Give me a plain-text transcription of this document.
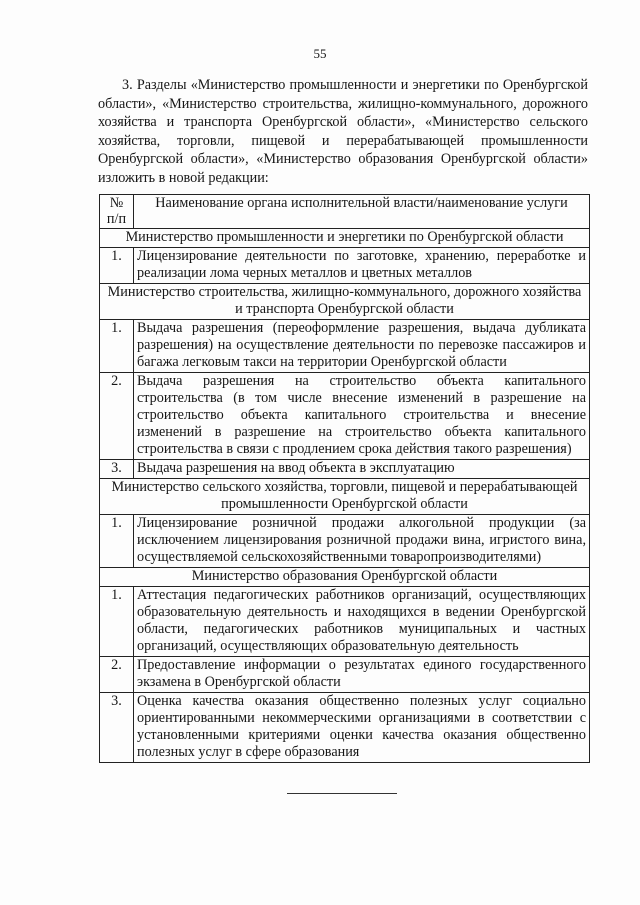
55

3. Разделы «Министерство промышленности и энергетики по Оренбургской области», «Министерство строительства, жилищно-коммунального, дорожного хозяйства и транспорта Оренбургской области», «Министерство сельского хозяйства, торговли, пищевой и перерабатывающей промышленности Оренбургской области», «Министерство образования Оренбургской области» изложить в новой редакции:

№ п/п	Наименование органа исполнительной власти/наименование услуги
Министерство промышленности и энергетики по Оренбургской области	
1.	Лицензирование деятельности по заготовке, хранению, переработке и реализации лома черных металлов и цветных металлов
Министерство строительства, жилищно-коммунального, дорожного хозяйства и транспорта Оренбургской области	
1.	Выдача разрешения (переоформление разрешения, выдача дубликата разрешения) на осуществление деятельности по перевозке пассажиров и багажа легковым такси на территории Оренбургской области
2.	Выдача разрешения на строительство объекта капитального строительства (в том числе внесение изменений в разрешение на строительство объекта капитального строительства и внесение изменений в разрешение на строительство объекта капитального строительства в связи с продлением срока действия такого разрешения)
3.	Выдача разрешения на ввод объекта в эксплуатацию
Министерство сельского хозяйства, торговли, пищевой и перерабатывающей промышленности Оренбургской области	
1.	Лицензирование розничной продажи алкогольной продукции (за исключением лицензирования розничной продажи вина, игристого вина, осуществляемой сельскохозяйственными товаропроизводителями)
Министерство образования Оренбургской области	
1.	Аттестация педагогических работников организаций, осуществляющих образовательную деятельность и находящихся в ведении Оренбургской области, педагогических работников муниципальных и частных организаций, осуществляющих образовательную деятельность
2.	Предоставление информации о результатах единого государственного экзамена в Оренбургской области
3.	Оценка качества оказания общественно полезных услуг социально ориентированными некоммерческими организациями в соответствии с установленными критериями оценки качества оказания общественно полезных услуг в сфере образования
